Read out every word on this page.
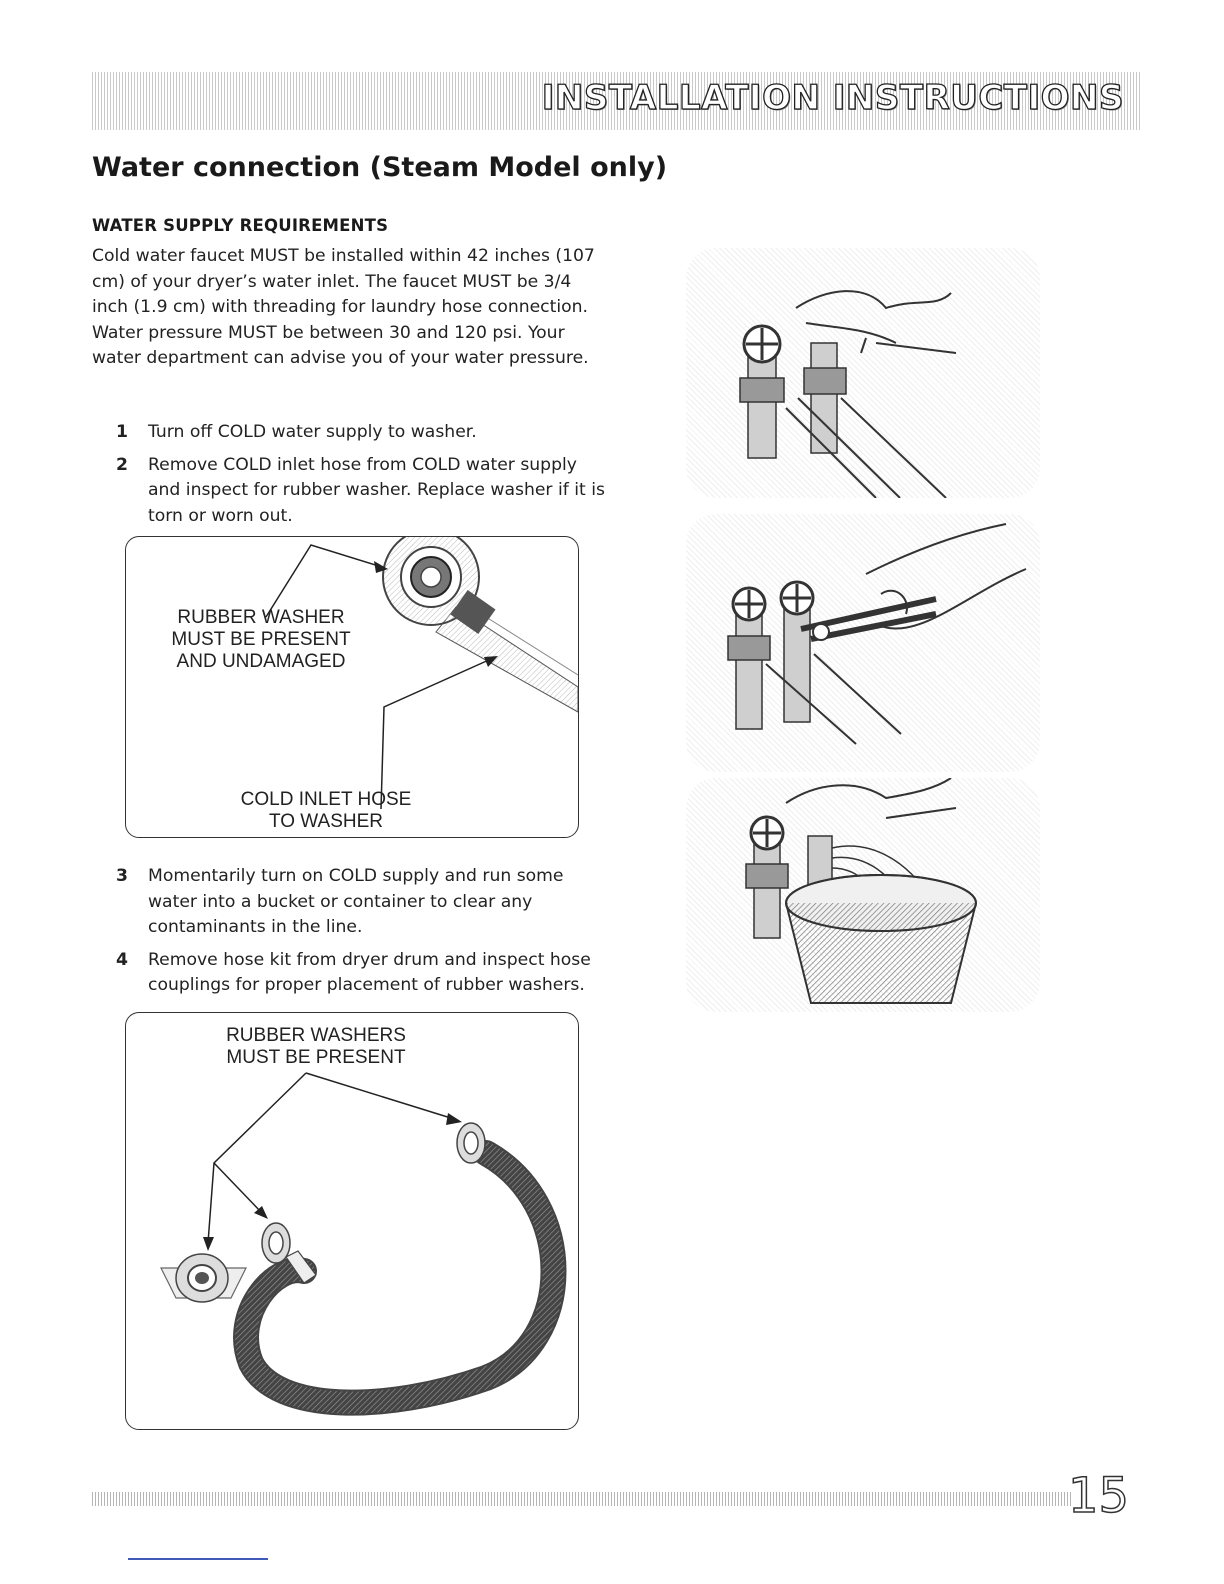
INSTALLATION INSTRUCTIONS
Water connection (Steam Model only)
WATER SUPPLY REQUIREMENTS

Cold water faucet MUST be installed within 42 inches (107 cm) of your dryer’s water inlet. The faucet MUST be 3/4 inch (1.9 cm) with threading for laundry hose connection. Water pressure MUST be between 30 and 120 psi. Your water department can advise you of your water pressure.

1 Turn off COLD water supply to washer.
2 Remove COLD inlet hose from COLD water supply and inspect for rubber washer. Replace washer if it is torn or worn out.

RUBBER WASHER
MUST BE PRESENT
AND UNDAMAGED

COLD INLET HOSE
TO WASHER

3 Momentarily turn on COLD supply and run some water into a bucket or container to clear any contaminants in the line.
4 Remove hose kit from dryer drum and inspect hose couplings for proper placement of rubber washers.

RUBBER WASHERS
MUST BE PRESENT

15
